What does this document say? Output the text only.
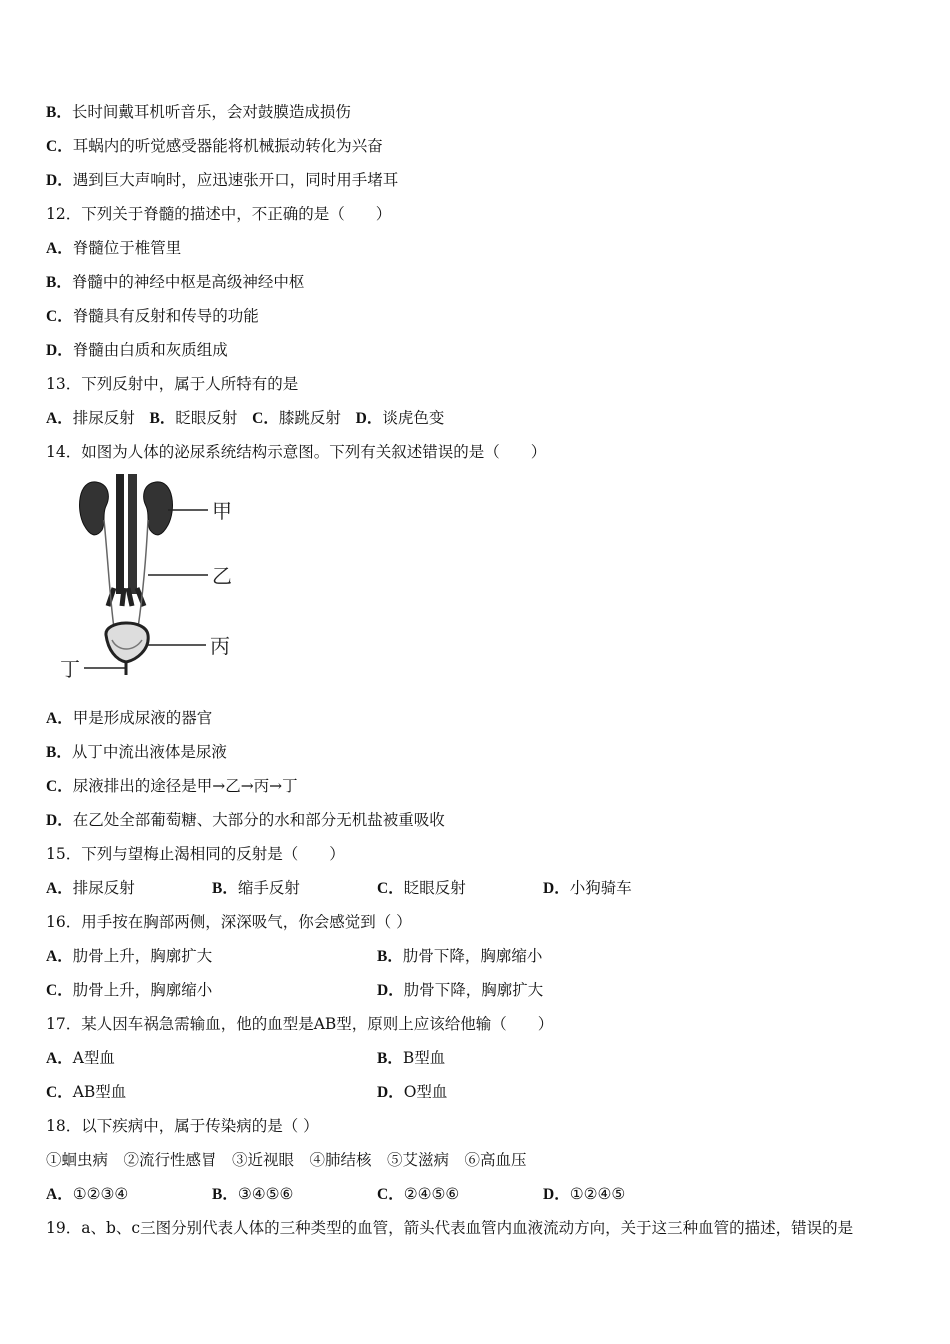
B．长时间戴耳机听音乐，会对鼓膜造成损伤
C．耳蜗内的听觉感受器能将机械振动转化为兴奋
D．遇到巨大声响时，应迅速张开口，同时用手堵耳
12．下列关于脊髓的描述中，不正确的是（　　）
A．脊髓位于椎管里
B．脊髓中的神经中枢是高级神经中枢
C．脊髓具有反射和传导的功能
D．脊髓由白质和灰质组成
13．下列反射中，属于人所特有的是
A．排尿反射 B．眨眼反射 C．膝跳反射 D．谈虎色变
14．如图为人体的泌尿系统结构示意图。下列有关叙述错误的是（　　）
甲
乙
丙
丁
A．甲是形成尿液的器官
B．从丁中流出液体是尿液
C．尿液排出的途径是甲→乙→丙→丁
D．在乙处全部葡萄糖、大部分的水和部分无机盐被重吸收
15．下列与望梅止渴相同的反射是（　　）
A．排尿反射	B．缩手反射	C．眨眼反射	D．小狗骑车
16．用手按在胸部两侧，深深吸气，你会感觉到（ ）
A．肋骨上升，胸廓扩大	B．肋骨下降，胸廓缩小
C．肋骨上升，胸廓缩小	D．肋骨下降，胸廓扩大
17．某人因车祸急需输血，他的血型是AB型，原则上应该给他输（　　）
A．A型血	B．B型血
C．AB型血	D．O型血
18．以下疾病中，属于传染病的是（ ）
①蛔虫病　②流行性感冒　③近视眼　④肺结核　⑤艾滋病　⑥高血压
A．①②③④	B．③④⑤⑥	C．②④⑤⑥	D．①②④⑤
19．a、b、c三图分别代表人体的三种类型的血管，箭头代表血管内血液流动方向，关于这三种血管的描述，错误的是
